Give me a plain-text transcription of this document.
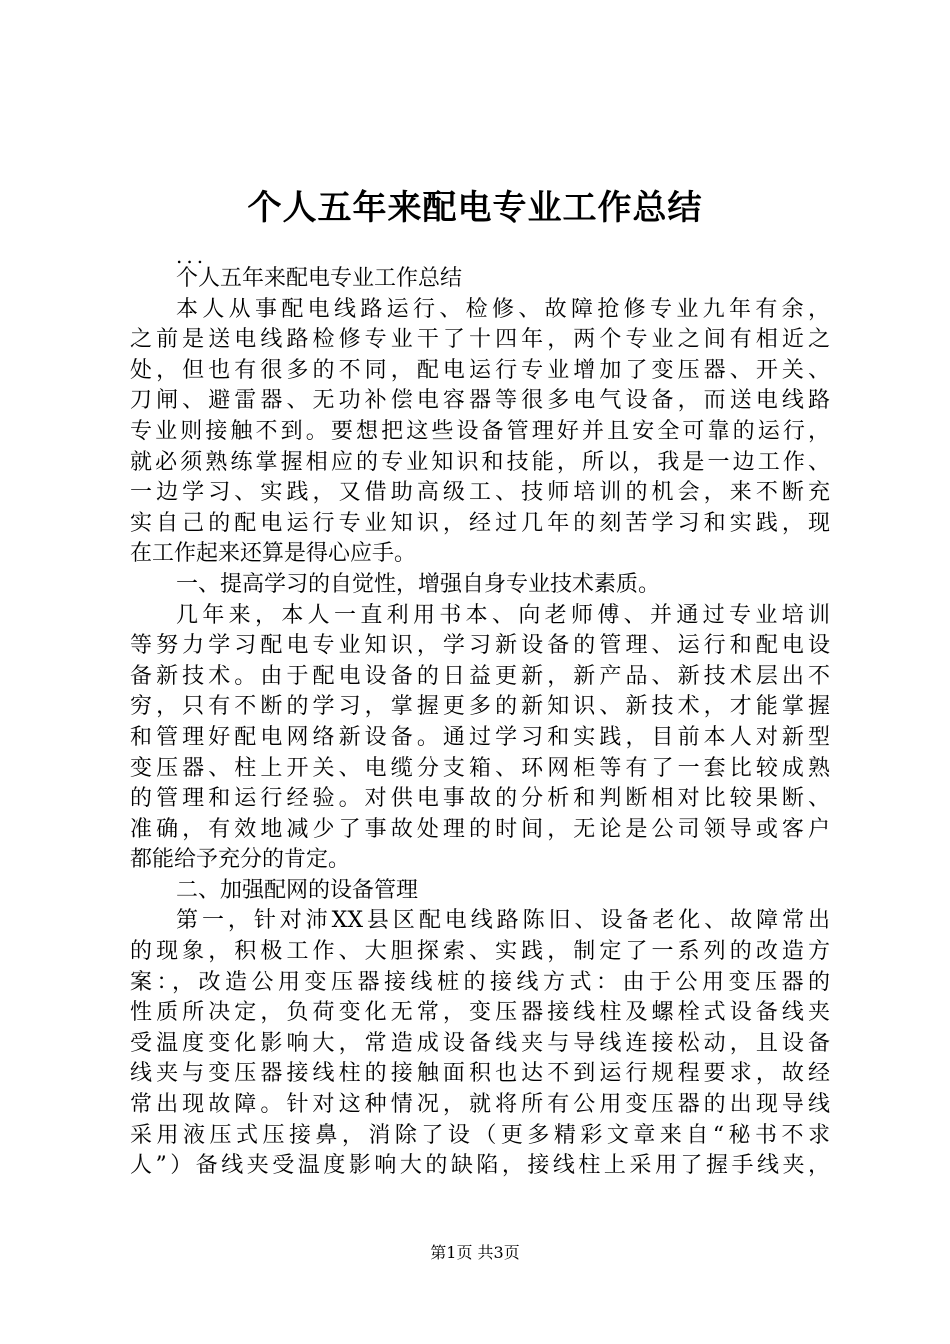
个人五年来配电专业工作总结
...
个人五年来配电专业工作总结
本人从事配电线路运行、检修、故障抢修专业九年有余，
之前是送电线路检修专业干了十四年，两个专业之间有相近之
处，但也有很多的不同，配电运行专业增加了变压器、开关、
刀闸、避雷器、无功补偿电容器等很多电气设备，而送电线路
专业则接触不到。要想把这些设备管理好并且安全可靠的运行，
就必须熟练掌握相应的专业知识和技能，所以，我是一边工作、
一边学习、实践，又借助高级工、技师培训的机会，来不断充
实自己的配电运行专业知识，经过几年的刻苦学习和实践，现
在工作起来还算是得心应手。
一、提高学习的自觉性，增强自身专业技术素质。
几年来，本人一直利用书本、向老师傅、并通过专业培训
等努力学习配电专业知识，学习新设备的管理、运行和配电设
备新技术。由于配电设备的日益更新，新产品、新技术层出不
穷，只有不断的学习，掌握更多的新知识、新技术，才能掌握
和管理好配电网络新设备。通过学习和实践，目前本人对新型
变压器、柱上开关、电缆分支箱、环网柜等有了一套比较成熟
的管理和运行经验。对供电事故的分析和判断相对比较果断、
准确，有效地减少了事故处理的时间，无论是公司领导或客户
都能给予充分的肯定。
二、加强配网的设备管理
第一，针对沛XX县区配电线路陈旧、设备老化、故障常出
的现象，积极工作、大胆探索、实践，制定了一系列的改造方
案：，改造公用变压器接线桩的接线方式：由于公用变压器的
性质所决定，负荷变化无常，变压器接线柱及螺栓式设备线夹
受温度变化影响大，常造成设备线夹与导线连接松动，且设备
线夹与变压器接线柱的接触面积也达不到运行规程要求，故经
常出现故障。针对这种情况，就将所有公用变压器的出现导线
采用液压式压接鼻，消除了设（更多精彩文章来自“秘书不求
人”）备线夹受温度影响大的缺陷，接线柱上采用了握手线夹，
第1页 共3页
